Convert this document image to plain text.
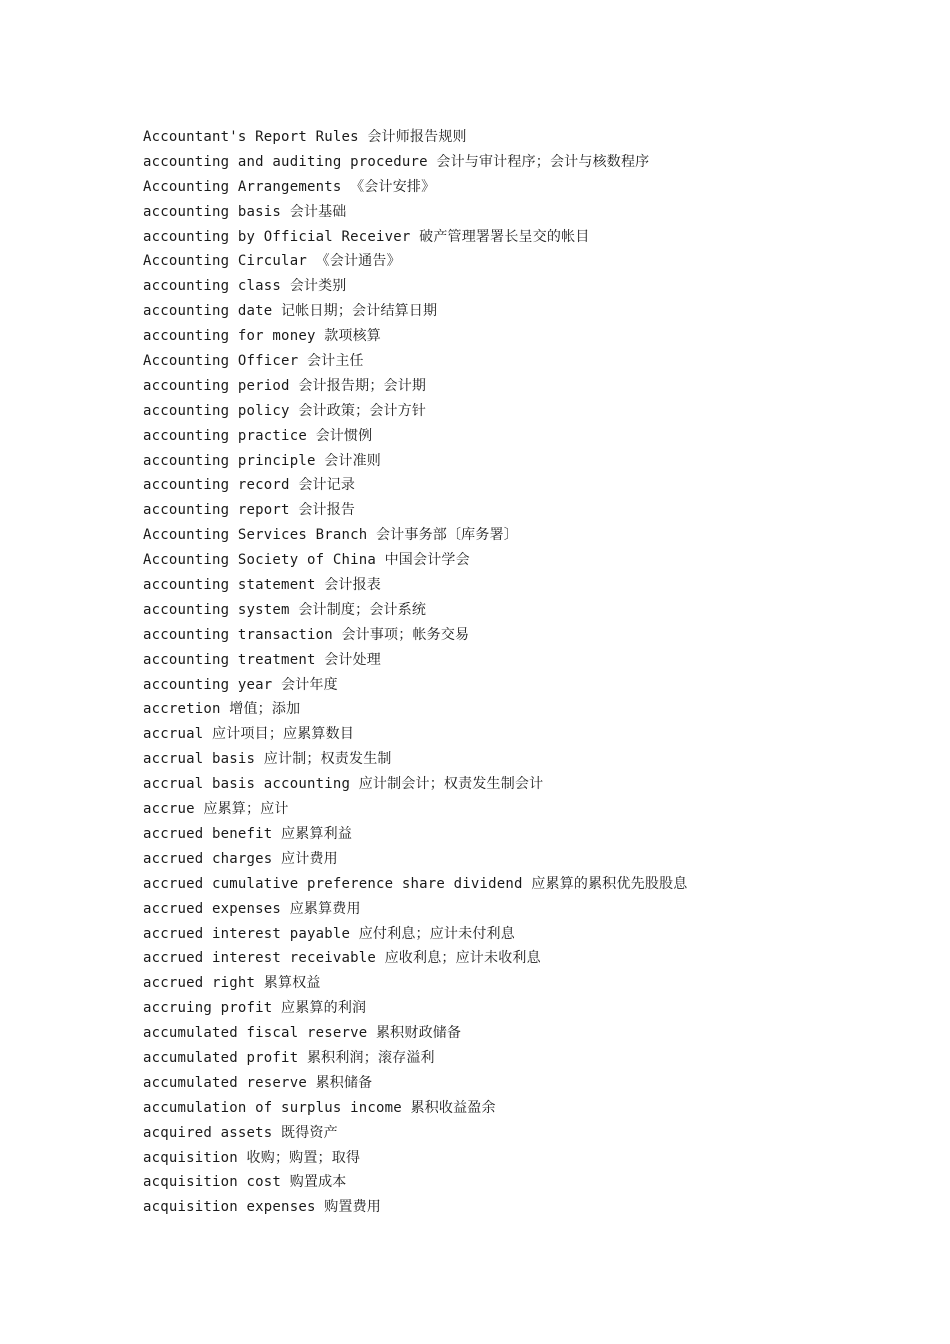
Accountant's Report Rules 会计师报告规则
accounting and auditing procedure 会计与审计程序；会计与核数程序
Accounting Arrangements 《会计安排》
accounting basis 会计基础
accounting by Official Receiver 破产管理署署长呈交的帐目
Accounting Circular 《会计通告》
accounting class 会计类别
accounting date 记帐日期；会计结算日期
accounting for money 款项核算
Accounting Officer 会计主任
accounting period 会计报告期；会计期
accounting policy 会计政策；会计方针
accounting practice 会计惯例
accounting principle 会计准则
accounting record 会计记录
accounting report 会计报告
Accounting Services Branch 会计事务部〔库务署〕
Accounting Society of China 中国会计学会
accounting statement 会计报表
accounting system 会计制度；会计系统
accounting transaction 会计事项；帐务交易
accounting treatment 会计处理
accounting year 会计年度
accretion 增值；添加
accrual 应计项目；应累算数目
accrual basis 应计制；权责发生制
accrual basis accounting 应计制会计；权责发生制会计
accrue 应累算；应计
accrued benefit 应累算利益
accrued charges 应计费用
accrued cumulative preference share dividend 应累算的累积优先股股息
accrued expenses 应累算费用
accrued interest payable 应付利息；应计未付利息
accrued interest receivable 应收利息；应计未收利息
accrued right 累算权益
accruing profit 应累算的利润
accumulated fiscal reserve 累积财政储备
accumulated profit 累积利润；滚存溢利
accumulated reserve 累积储备
accumulation of surplus income 累积收益盈余
acquired assets 既得资产
acquisition 收购；购置；取得
acquisition cost 购置成本
acquisition expenses 购置费用
